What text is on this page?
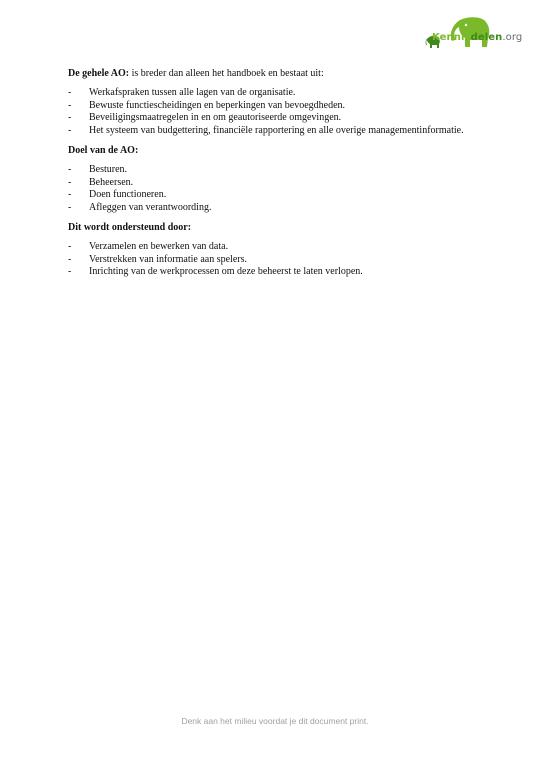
Kennisdelen.org
De gehele AO: is breder dan alleen het handboek en bestaat uit:
- Werkafspraken tussen alle lagen van de organisatie.
- Bewuste functiescheidingen en beperkingen van bevoegdheden.
- Beveiligingsmaatregelen in en om geautoriseerde omgevingen.
- Het systeem van budgettering, financiële rapportering en alle overige managementinformatie.
Doel van de AO:
- Besturen.
- Beheersen.
- Doen functioneren.
- Afleggen van verantwoording.
Dit wordt ondersteund door:
- Verzamelen en bewerken van data.
- Verstrekken van informatie aan spelers.
- Inrichting van de werkprocessen om deze beheerst te laten verlopen.
Denk aan het milieu voordat je dit document print.
